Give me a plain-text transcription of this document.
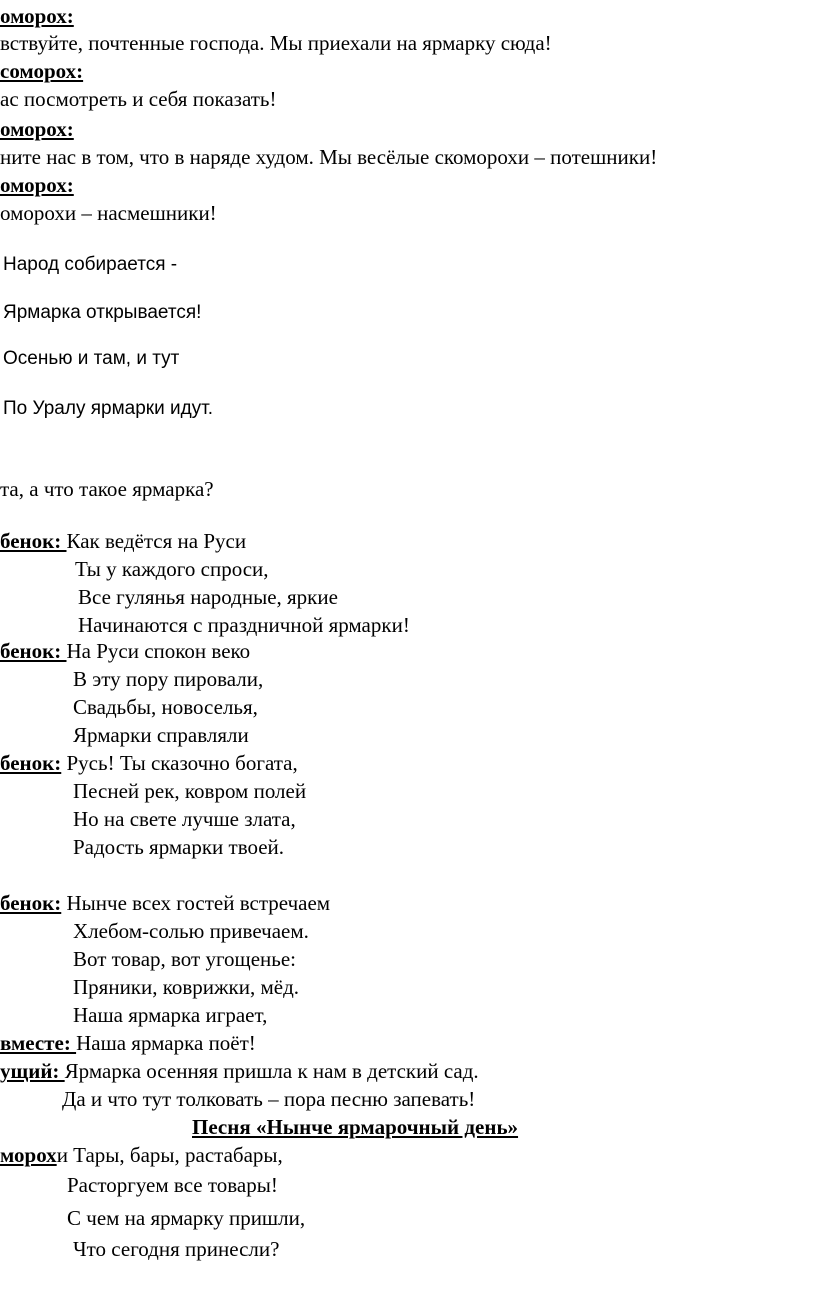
оморох:
вствуйте, почтенные господа. Мы приехали на ярмарку сюда!
соморох:
ас посмотреть и себя показать!
оморох:
ните нас в том, что в наряде худом. Мы весёлые скоморохи – потешники!
оморох:
оморохи – насмешники!
Народ собирается -
Ярмарка открывается!
Осенью и там, и тут
По Уралу ярмарки идут.
та, а что такое ярмарка?
бенок: Как ведётся на Руси
Ты у каждого спроси,
Все гулянья народные, яркие
Начинаются с праздничной ярмарки!
бенок: На Руси спокон веко
В эту пору пировали,
Свадьбы, новоселья,
Ярмарки справляли
бенок: Русь! Ты сказочно богата,
Песней рек, ковром полей
Но на свете лучше злата,
Радость ярмарки твоей.
бенок: Нынче всех гостей встречаем
Хлебом-солью привечаем.
Вот товар, вот угощенье:
Пряники, коврижки, мёд.
Наша ярмарка играет,
вместе: Наша ярмарка поёт!
ущий: Ярмарка осенняя пришла к нам в детский сад.
Да и что тут толковать – пора песню запевать!
Песня «Нынче ярмарочный день»
морохи Тары, бары, растабары,
Расторгуем все товары!
С чем на ярмарку пришли,
Что сегодня принесли?
